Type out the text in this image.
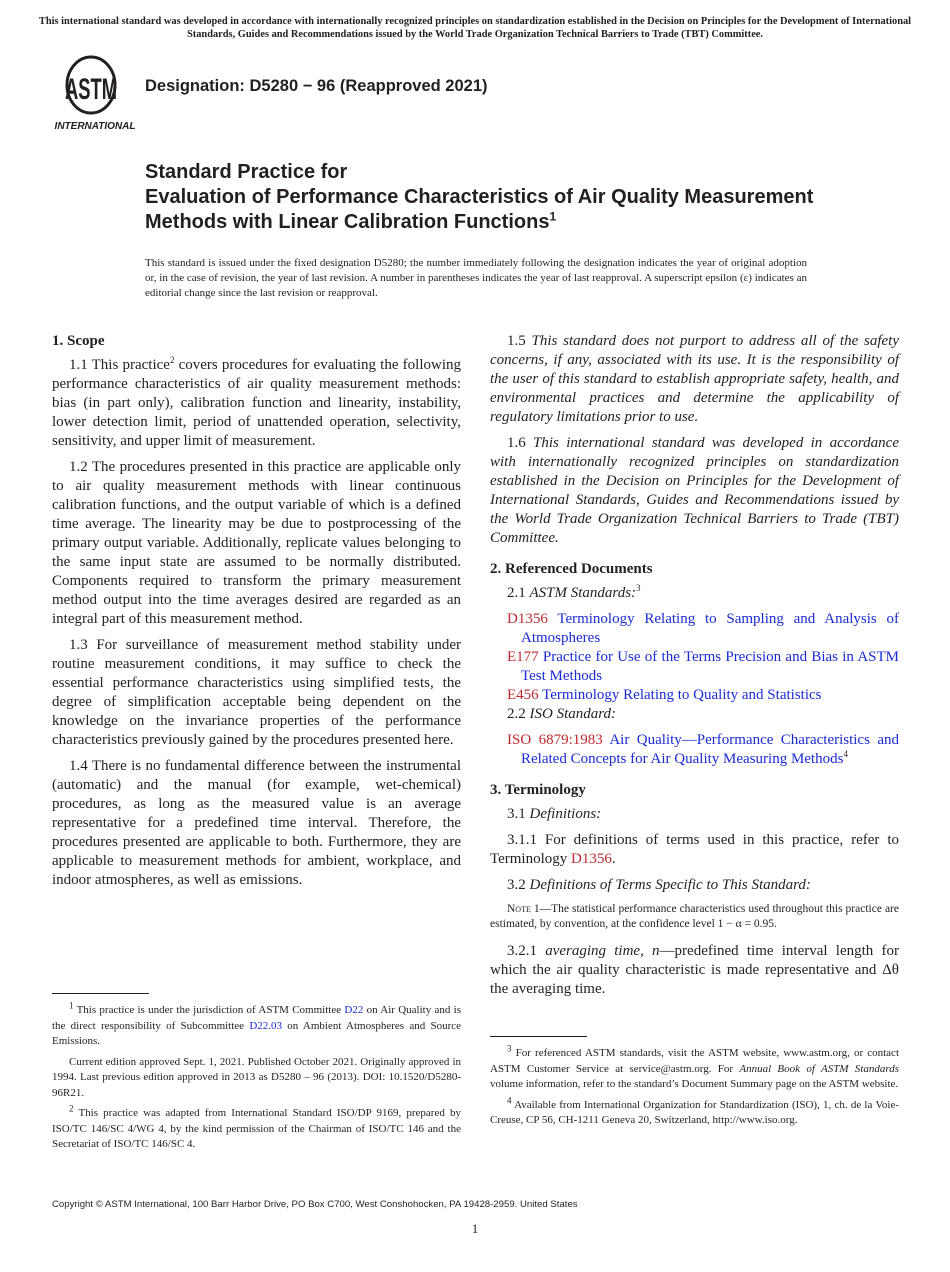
This international standard was developed in accordance with internationally recognized principles on standardization established in the Decision on Principles for the Development of International Standards, Guides and Recommendations issued by the World Trade Organization Technical Barriers to Trade (TBT) Committee.
ASTM
INTERNATIONAL
Designation: D5280 − 96 (Reapproved 2021)
Standard Practice for
Evaluation of Performance Characteristics of Air Quality Measurement Methods with Linear Calibration Functions$^1$
This standard is issued under the fixed designation D5280; the number immediately following the designation indicates the year of original adoption or, in the case of revision, the year of last revision. A number in parentheses indicates the year of last reapproval. A superscript epsilon (ε) indicates an editorial change since the last revision or reapproval.
1. Scope
1.1 This practice$^2$ covers procedures for evaluating the following performance characteristics of air quality measurement methods: bias (in part only), calibration function and linearity, instability, lower detection limit, period of unattended operation, selectivity, sensitivity, and upper limit of measurement.
1.2 The procedures presented in this practice are applicable only to air quality measurement methods with linear continuous calibration functions, and the output variable of which is a defined time average. The linearity may be due to postprocessing of the primary output variable. Additionally, replicate values belonging to the same input state are assumed to be normally distributed. Components required to transform the primary measurement method output into the time averages desired are regarded as an integral part of this measurement method.
1.3 For surveillance of measurement method stability under routine measurement conditions, it may suffice to check the essential performance characteristics using simplified tests, the degree of simplification acceptable being dependent on the knowledge on the invariance properties of the performance characteristics previously gained by the procedures presented here.
1.4 There is no fundamental difference between the instrumental (automatic) and the manual (for example, wet-chemical) procedures, as long as the measured value is an average representative for a predefined time interval. Therefore, the procedures presented are applicable to both. Furthermore, they are applicable to measurement methods for ambient, workplace, and indoor atmospheres, as well as emissions.
1.5 This standard does not purport to address all of the safety concerns, if any, associated with its use. It is the responsibility of the user of this standard to establish appropriate safety, health, and environmental practices and determine the applicability of regulatory limitations prior to use.
1.6 This international standard was developed in accordance with internationally recognized principles on standardization established in the Decision on Principles for the Development of International Standards, Guides and Recommendations issued by the World Trade Organization Technical Barriers to Trade (TBT) Committee.
2. Referenced Documents
2.1 ASTM Standards:$^3$
D1356 Terminology Relating to Sampling and Analysis of Atmospheres
E177 Practice for Use of the Terms Precision and Bias in ASTM Test Methods
E456 Terminology Relating to Quality and Statistics
2.2 ISO Standard:
ISO 6879:1983 Air Quality—Performance Characteristics and Related Concepts for Air Quality Measuring Methods$^4$
3. Terminology
3.1 Definitions:
3.1.1 For definitions of terms used in this practice, refer to Terminology D1356.
3.2 Definitions of Terms Specific to This Standard:
Note 1—The statistical performance characteristics used throughout this practice are estimated, by convention, at the confidence level 1 − α = 0.95.
3.2.1 averaging time, n—predefined time interval length for which the air quality characteristic is made representative and Δθ the averaging time.
$^1$ This practice is under the jurisdiction of ASTM Committee D22 on Air Quality and is the direct responsibility of Subcommittee D22.03 on Ambient Atmospheres and Source Emissions.
Current edition approved Sept. 1, 2021. Published October 2021. Originally approved in 1994. Last previous edition approved in 2013 as D5280 – 96 (2013). DOI: 10.1520/D5280-96R21.
$^2$ This practice was adapted from International Standard ISO/DP 9169, prepared by ISO/TC 146/SC 4/WG 4, by the kind permission of the Chairman of ISO/TC 146 and the Secretariat of ISO/TC 146/SC 4.
$^3$ For referenced ASTM standards, visit the ASTM website, www.astm.org, or contact ASTM Customer Service at service@astm.org. For Annual Book of ASTM Standards volume information, refer to the standard’s Document Summary page on the ASTM website.
$^4$ Available from International Organization for Standardization (ISO), 1, ch. de la Voie-Creuse, CP 56, CH-1211 Geneva 20, Switzerland, http://www.iso.org.
Copyright © ASTM International, 100 Barr Harbor Drive, PO Box C700, West Conshohocken, PA 19428-2959. United States
1
